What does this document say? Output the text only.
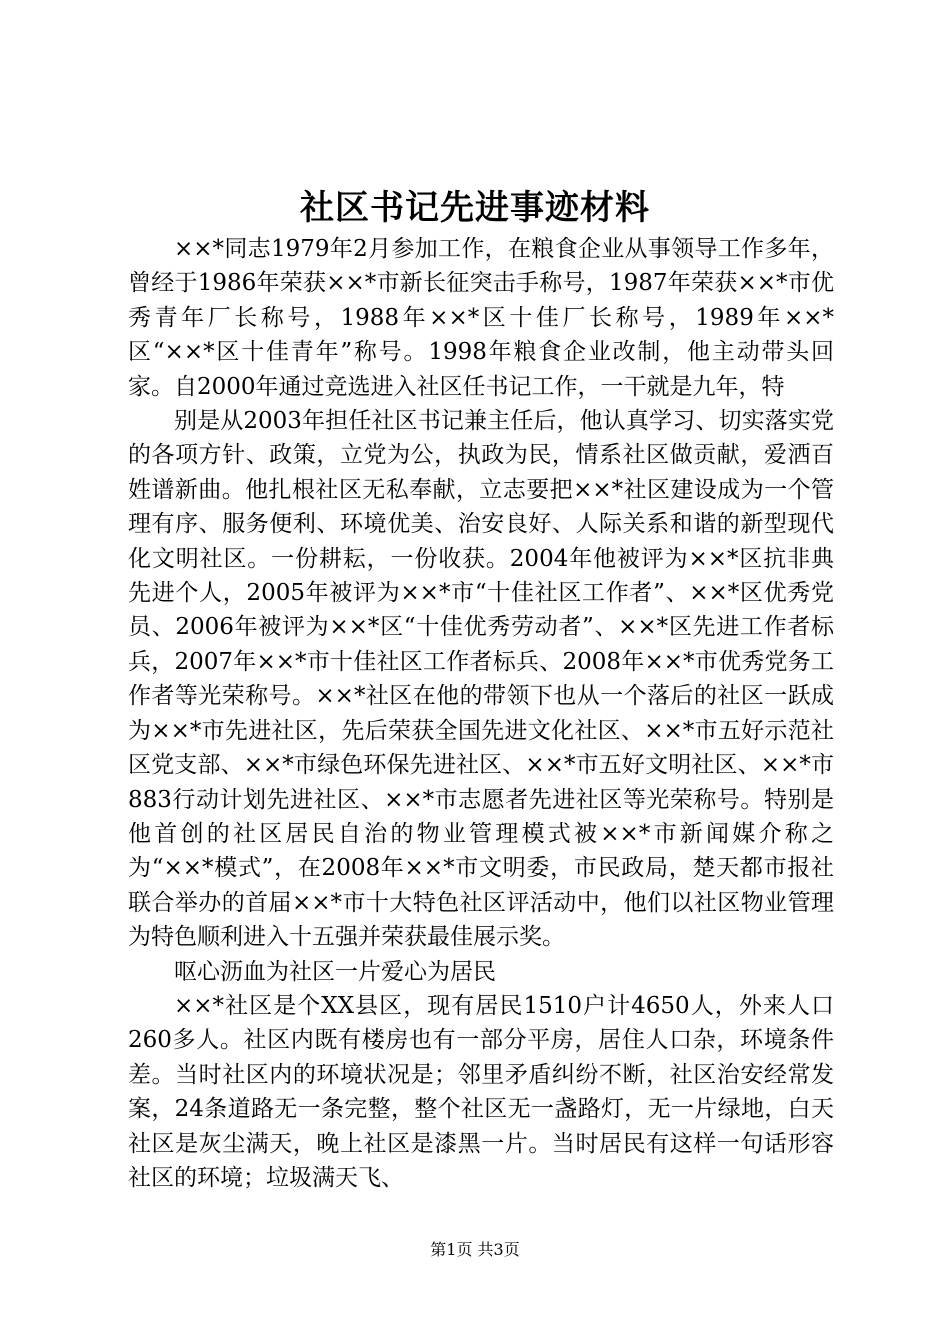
社区书记先进事迹材料

××*同志1979年2月参加工作，在粮食企业从事领导工作多年，曾经于1986年荣获××*市新长征突击手称号，1987年荣获××*市优秀青年厂长称号，1988年××*区十佳厂长称号，1989年××*区“××*区十佳青年”称号。1998年粮食企业改制，他主动带头回家。自2000年通过竞选进入社区任书记工作，一干就是九年，特

别是从2003年担任社区书记兼主任后，他认真学习、切实落实党的各项方针、政策，立党为公，执政为民，情系社区做贡献，爱洒百姓谱新曲。他扎根社区无私奉献，立志要把××*社区建设成为一个管理有序、服务便利、环境优美、治安良好、人际关系和谐的新型现代化文明社区。一份耕耘，一份收获。2004年他被评为××*区抗非典先进个人，2005年被评为××*市“十佳社区工作者”、××*区优秀党员、2006年被评为××*区“十佳优秀劳动者”、××*区先进工作者标兵，2007年××*市十佳社区工作者标兵、2008年××*市优秀党务工作者等光荣称号。××*社区在他的带领下也从一个落后的社区一跃成为××*市先进社区，先后荣获全国先进文化社区、××*市五好示范社区党支部、××*市绿色环保先进社区、××*市五好文明社区、××*市883行动计划先进社区、××*市志愿者先进社区等光荣称号。特别是他首创的社区居民自治的物业管理模式被××*市新闻媒介称之为“××*模式”，在2008年××*市文明委，市民政局，楚天都市报社联合举办的首届××*市十大特色社区评活动中，他们以社区物业管理为特色顺利进入十五强并荣获最佳展示奖。

呕心沥血为社区一片爱心为居民

××*社区是个XX县区，现有居民1510户计4650人，外来人口260多人。社区内既有楼房也有一部分平房，居住人口杂，环境条件差。当时社区内的环境状况是；邻里矛盾纠纷不断，社区治安经常发案，24条道路无一条完整，整个社区无一盏路灯，无一片绿地，白天社区是灰尘满天，晚上社区是漆黑一片。当时居民有这样一句话形容社区的环境；垃圾满天飞、

第1页 共3页
